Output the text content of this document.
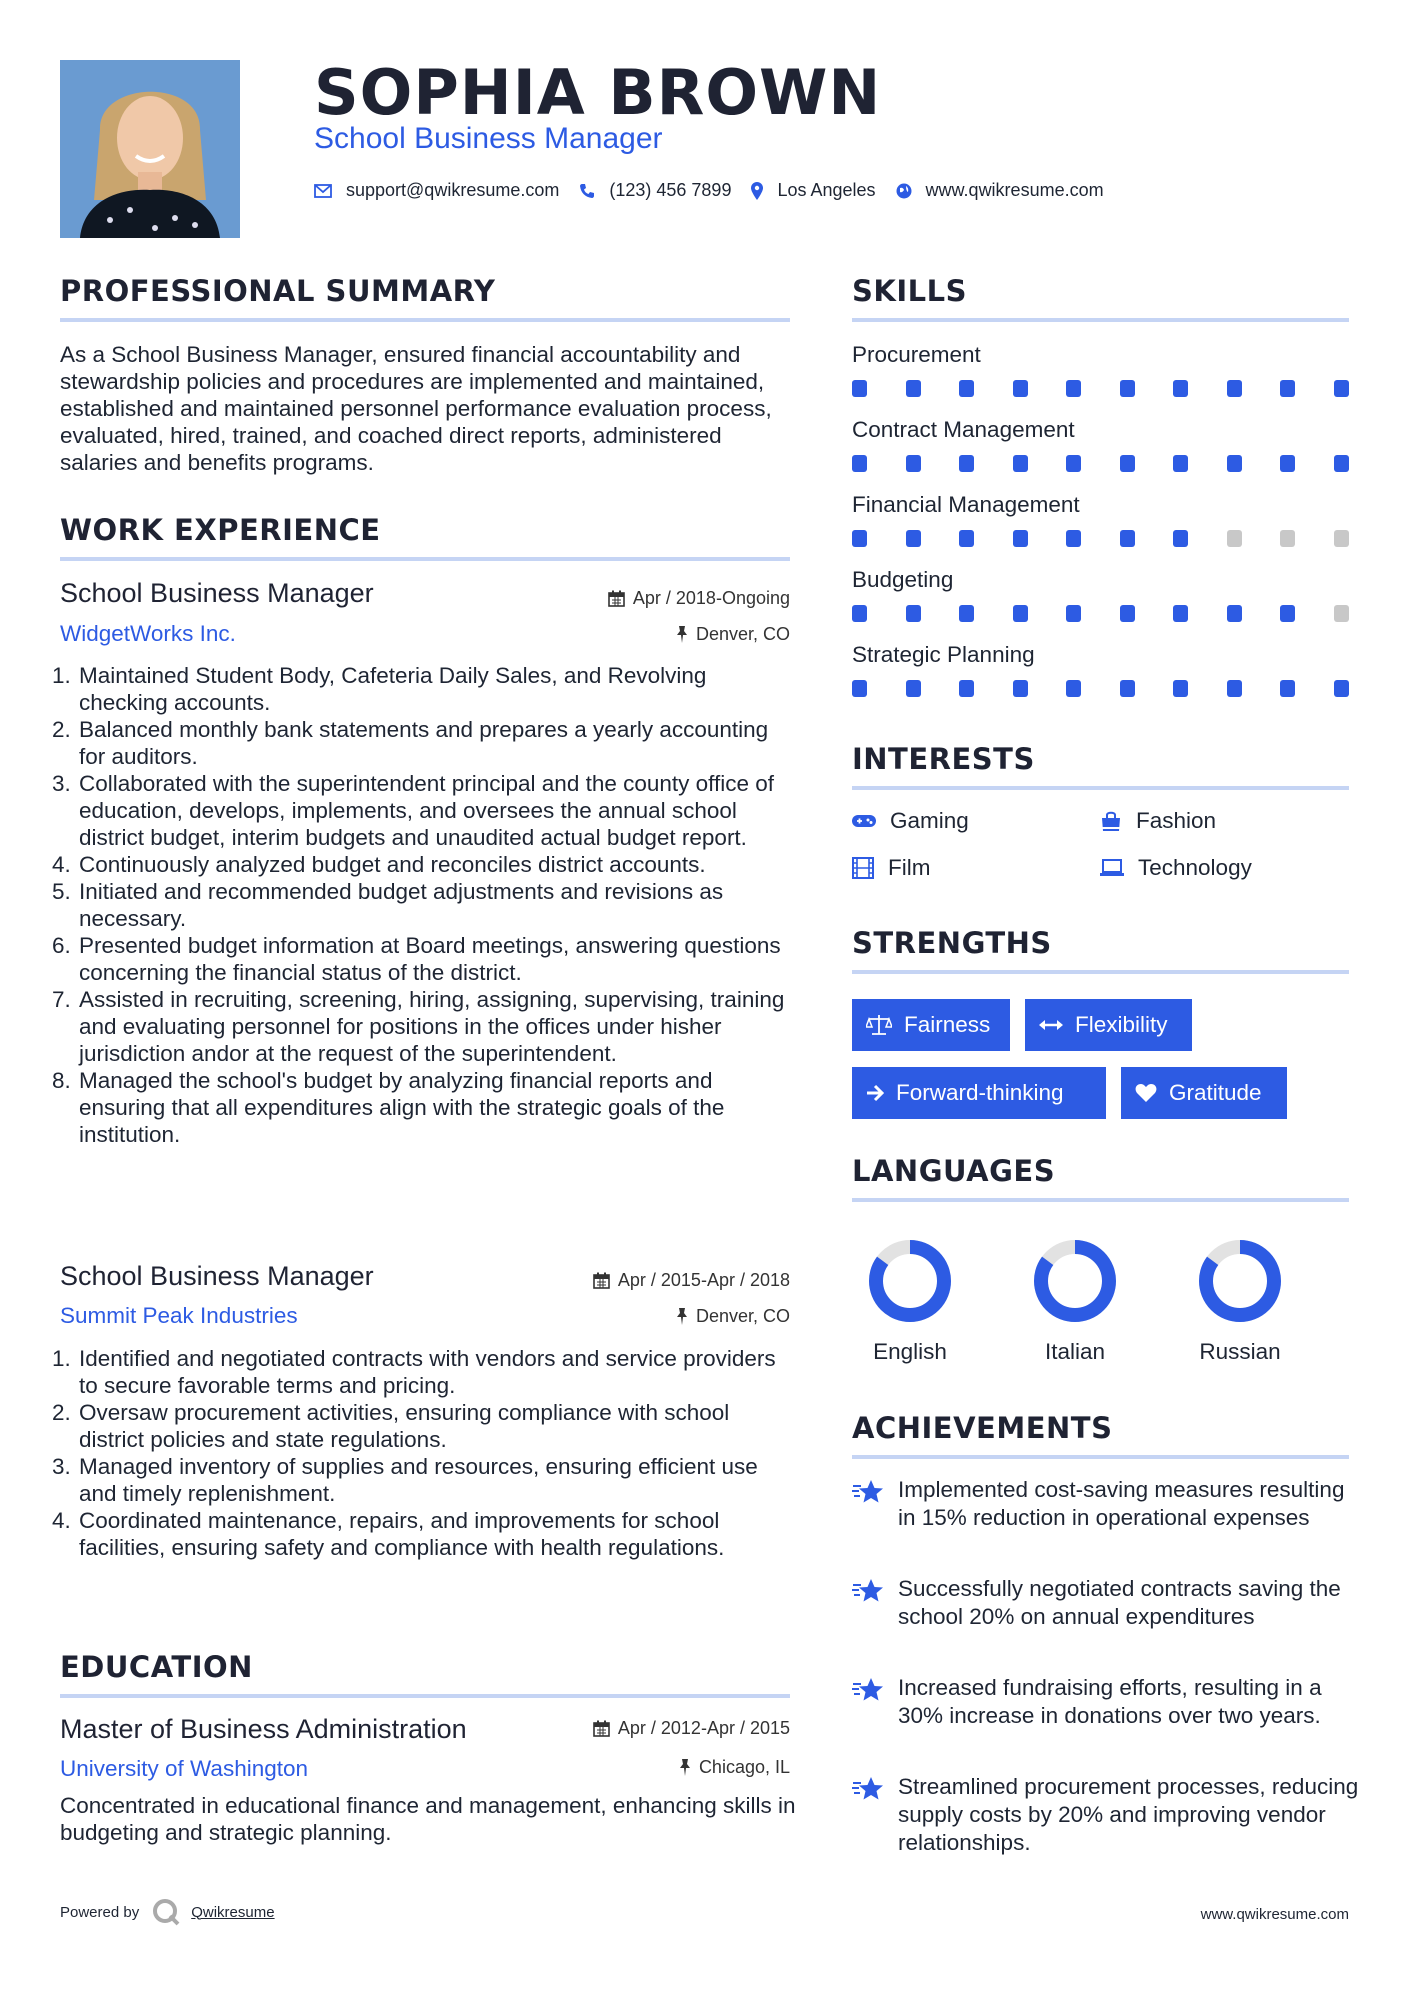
SOPHIA BROWN
School Business Manager
support@qwikresume.com	(123) 456 7899	Los Angeles	www.qwikresume.com
PROFESSIONAL SUMMARY
As a School Business Manager, ensured financial accountability and stewardship policies and procedures are implemented and maintained, established and maintained personnel performance evaluation process, evaluated, hired, trained, and coached direct reports, administered salaries and benefits programs.
WORK EXPERIENCE
School Business Manager	Apr / 2018-Ongoing
WidgetWorks Inc.	Denver, CO
1. Maintained Student Body, Cafeteria Daily Sales, and Revolving checking accounts.
2. Balanced monthly bank statements and prepares a yearly accounting for auditors.
3. Collaborated with the superintendent principal and the county office of education, develops, implements, and oversees the annual school district budget, interim budgets and unaudited actual budget report.
4. Continuously analyzed budget and reconciles district accounts.
5. Initiated and recommended budget adjustments and revisions as necessary.
6. Presented budget information at Board meetings, answering questions concerning the financial status of the district.
7. Assisted in recruiting, screening, hiring, assigning, supervising, training and evaluating personnel for positions in the offices under hisher jurisdiction andor at the request of the superintendent.
8. Managed the school's budget by analyzing financial reports and ensuring that all expenditures align with the strategic goals of the institution.
School Business Manager	Apr / 2015-Apr / 2018
Summit Peak Industries	Denver, CO
1. Identified and negotiated contracts with vendors and service providers to secure favorable terms and pricing.
2. Oversaw procurement activities, ensuring compliance with school district policies and state regulations.
3. Managed inventory of supplies and resources, ensuring efficient use and timely replenishment.
4. Coordinated maintenance, repairs, and improvements for school facilities, ensuring safety and compliance with health regulations.
EDUCATION
Master of Business Administration	Apr / 2012-Apr / 2015
University of Washington	Chicago, IL
Concentrated in educational finance and management, enhancing skills in budgeting and strategic planning.
SKILLS
Procurement
Contract Management
Financial Management
Budgeting
Strategic Planning
INTERESTS
Gaming	Fashion
Film	Technology
STRENGTHS
Fairness	Flexibility
Forward-thinking	Gratitude
LANGUAGES
English	Italian	Russian
ACHIEVEMENTS
Implemented cost-saving measures resulting in 15% reduction in operational expenses
Successfully negotiated contracts saving the school 20% on annual expenditures
Increased fundraising efforts, resulting in a 30% increase in donations over two years.
Streamlined procurement processes, reducing supply costs by 20% and improving vendor relationships.
Powered by	Qwikresume	www.qwikresume.com
